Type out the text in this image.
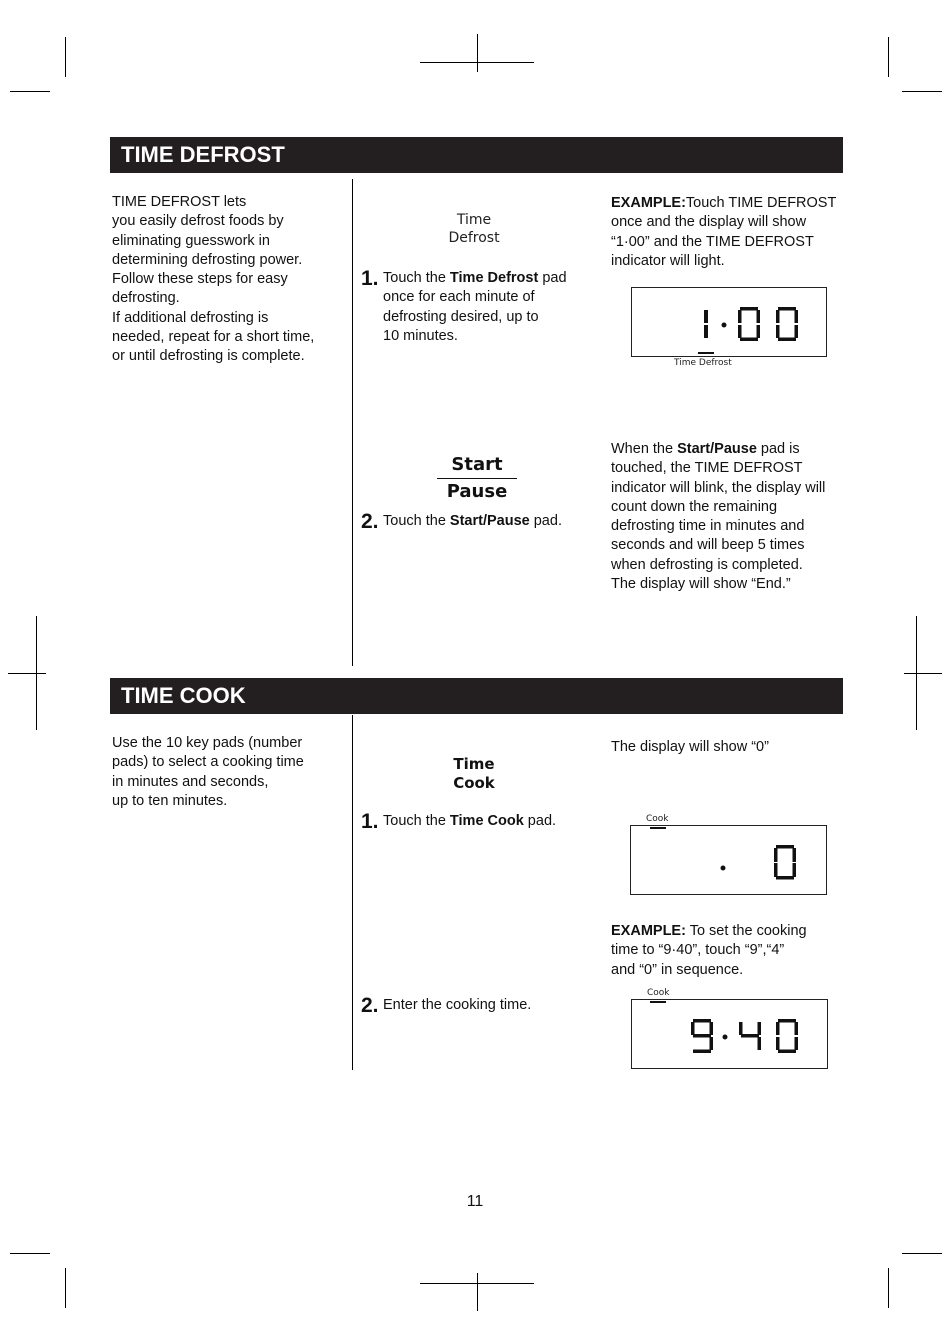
TIME DEFROST
TIME DEFROST lets
you easily defrost foods by
eliminating guesswork in
determining defrosting power.
Follow these steps for easy
defrosting.
If additional defrosting is
needed, repeat for a short time,
or until defrosting is complete.
Time
Defrost
1. Touch the Time Defrost pad
once for each minute of
defrosting desired, up to
10 minutes.
EXAMPLE:Touch TIME DEFROST
once and the display will show
“1·00” and the TIME DEFROST
indicator will light.
Time Defrost
Start
Pause
2. Touch the Start/Pause pad.
When the Start/Pause pad is
touched, the TIME DEFROST
indicator will blink, the display will
count down the remaining
defrosting time in minutes and
seconds and will beep 5 times
when defrosting is completed.
The display will show “End.”
TIME COOK
Use the 10 key pads (number
pads) to select a cooking time
in minutes and seconds,
up to ten minutes.
Time
Cook
1. Touch the Time Cook pad.
The display will show “0”
Cook
EXAMPLE: To set the cooking
time to “9·40”, touch “9”,“4”
and “0” in sequence.
2. Enter the cooking time.
Cook
11
